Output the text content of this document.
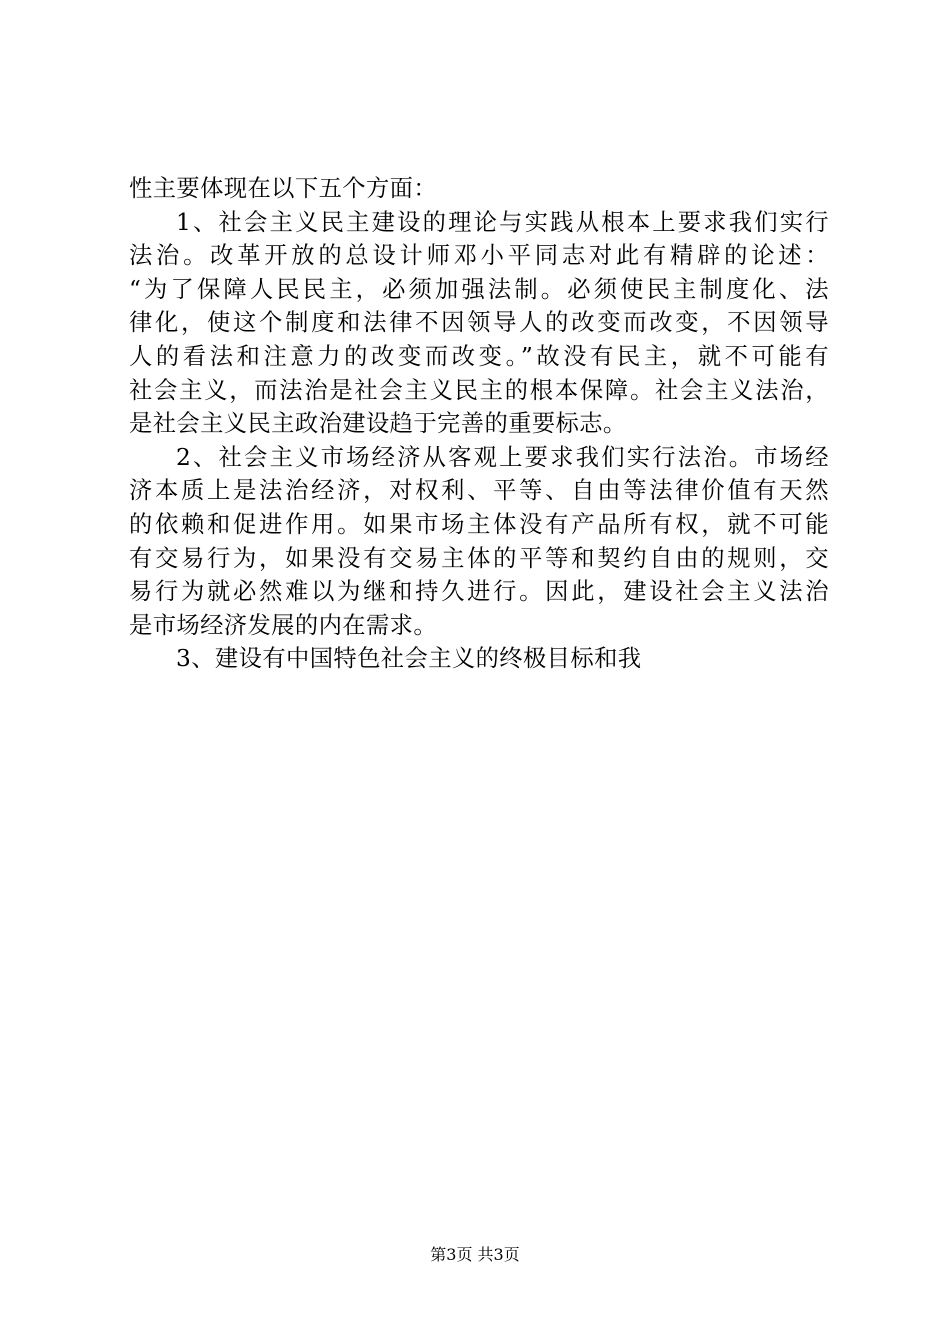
性主要体现在以下五个方面：
1、社会主义民主建设的理论与实践从根本上要求我们实行
法治。改革开放的总设计师邓小平同志对此有精辟的论述：
“为了保障人民民主，必须加强法制。必须使民主制度化、法
律化，使这个制度和法律不因领导人的改变而改变，不因领导
人的看法和注意力的改变而改变。”故没有民主，就不可能有
社会主义，而法治是社会主义民主的根本保障。社会主义法治，
是社会主义民主政治建设趋于完善的重要标志。
2、社会主义市场经济从客观上要求我们实行法治。市场经
济本质上是法治经济，对权利、平等、自由等法律价值有天然
的依赖和促进作用。如果市场主体没有产品所有权，就不可能
有交易行为，如果没有交易主体的平等和契约自由的规则，交
易行为就必然难以为继和持久进行。因此，建设社会主义法治
是市场经济发展的内在需求。
3、建设有中国特色社会主义的终极目标和我
第3页 共3页
